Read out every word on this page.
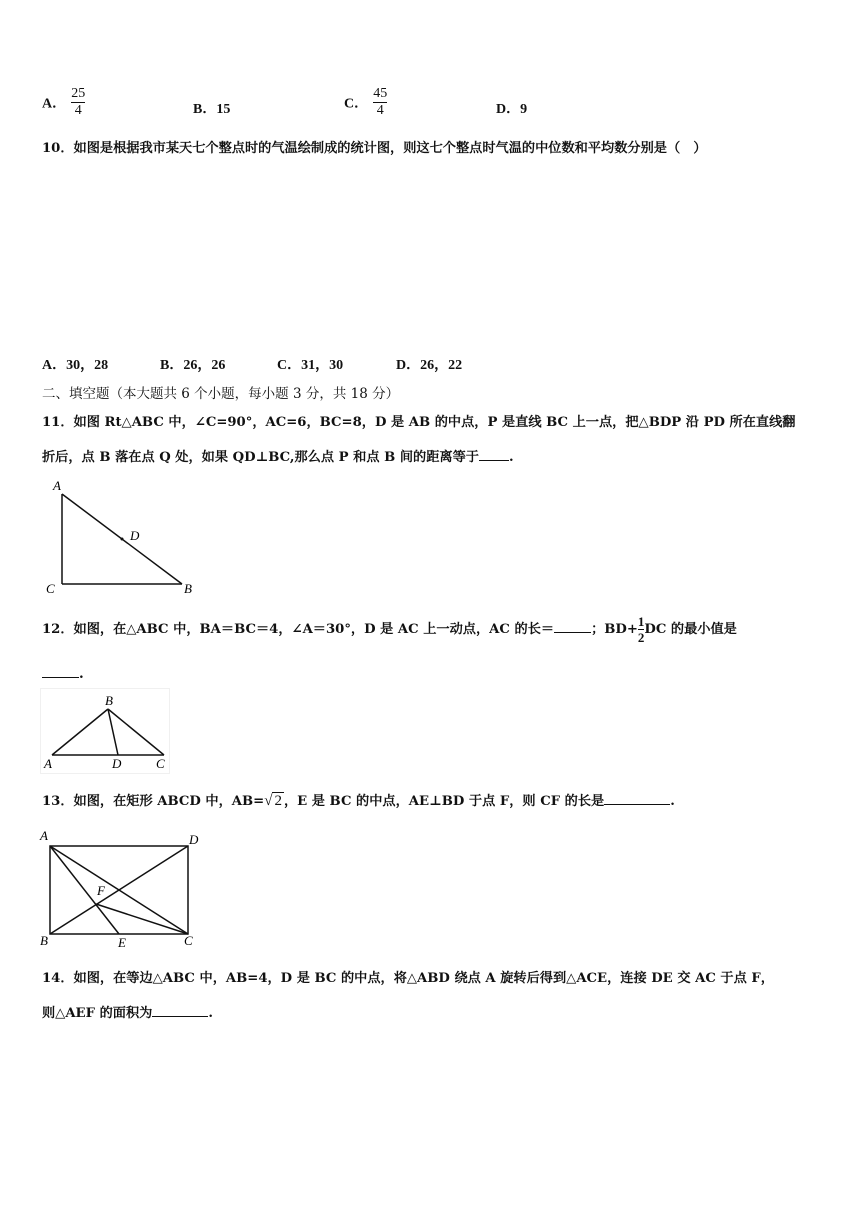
A． $\frac{25}{4}$	B．15	C． $\frac{45}{4}$	D．9
10．如图是根据我市某天七个整点时的气温绘制成的统计图，则这七个整点时气温的中位数和平均数分别是（　）
A．30，28	B．26，26	C．31，30	D．26，22
二、填空题（本大题共 6 个小题，每小题 3 分，共 18 分）
11．如图 Rt△ABC 中，∠C=90°，AC=6，BC=8，D 是 AB 的中点，P 是直线 BC 上一点，把△BDP 沿 PD 所在直线翻
折后，点 B 落在点 Q 处，如果 QD⊥BC,那么点 P 和点 B 间的距离等于 .
A
D
C	B
12．如图，在△ABC 中，BA＝BC＝4，∠A＝30°，D 是 AC 上一动点，AC 的长＝	；$BD+ \frac{1}{2}$ DC 的最小值是
.
B
A	D	C
13．如图，在矩形 ABCD 中，AB=√ 2 ，E 是 BC 的中点，AE⊥BD 于点 F，则 CF 的长是	.
A	D
F
B	E	C
14．如图，在等边△ABC 中，AB=4，D 是 BC 的中点，将△ABD 绕点 A 旋转后得到△ACE，连接 DE 交 AC 于点 F，
则△AEF 的面积为	.
